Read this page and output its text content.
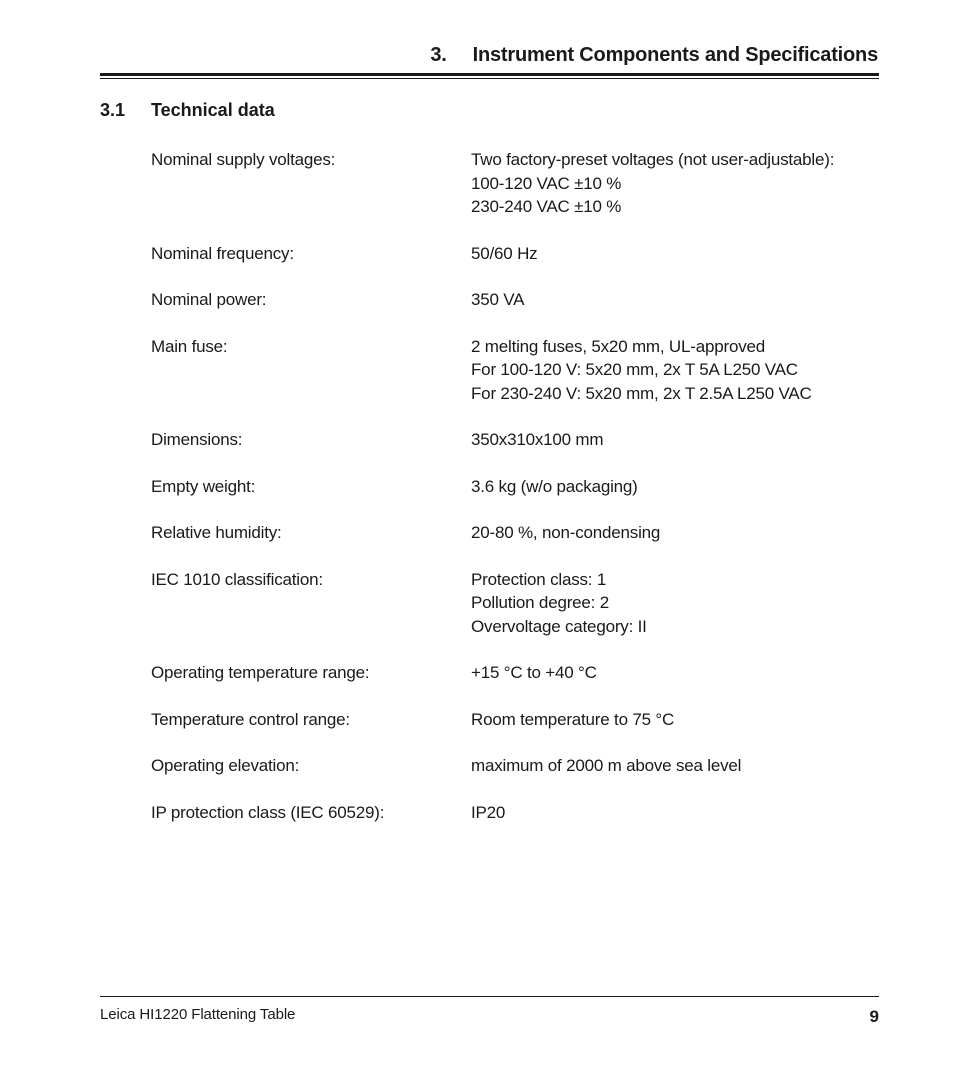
3. Instrument Components and Specifications
3.1 Technical data
Nominal supply voltages:	Two factory-preset voltages (not user-adjustable):
100-120 VAC ±10 %
230-240 VAC ±10 %
Nominal frequency:	50/60 Hz
Nominal power:	350 VA
Main fuse:	2 melting fuses, 5x20 mm, UL-approved
For 100-120 V: 5x20 mm, 2x T 5A L250 VAC
For 230-240 V: 5x20 mm, 2x T 2.5A L250 VAC
Dimensions:	350x310x100 mm
Empty weight:	3.6 kg (w/o packaging)
Relative humidity:	20-80 %, non-condensing
IEC 1010 classification:	Protection class: 1
Pollution degree: 2
Overvoltage category: II
Operating temperature range:	+15 °C to +40 °C
Temperature control range:	Room temperature to 75 °C
Operating elevation:	maximum of 2000 m above sea level
IP protection class (IEC 60529):	IP20
Leica HI1220 Flattening Table	9
